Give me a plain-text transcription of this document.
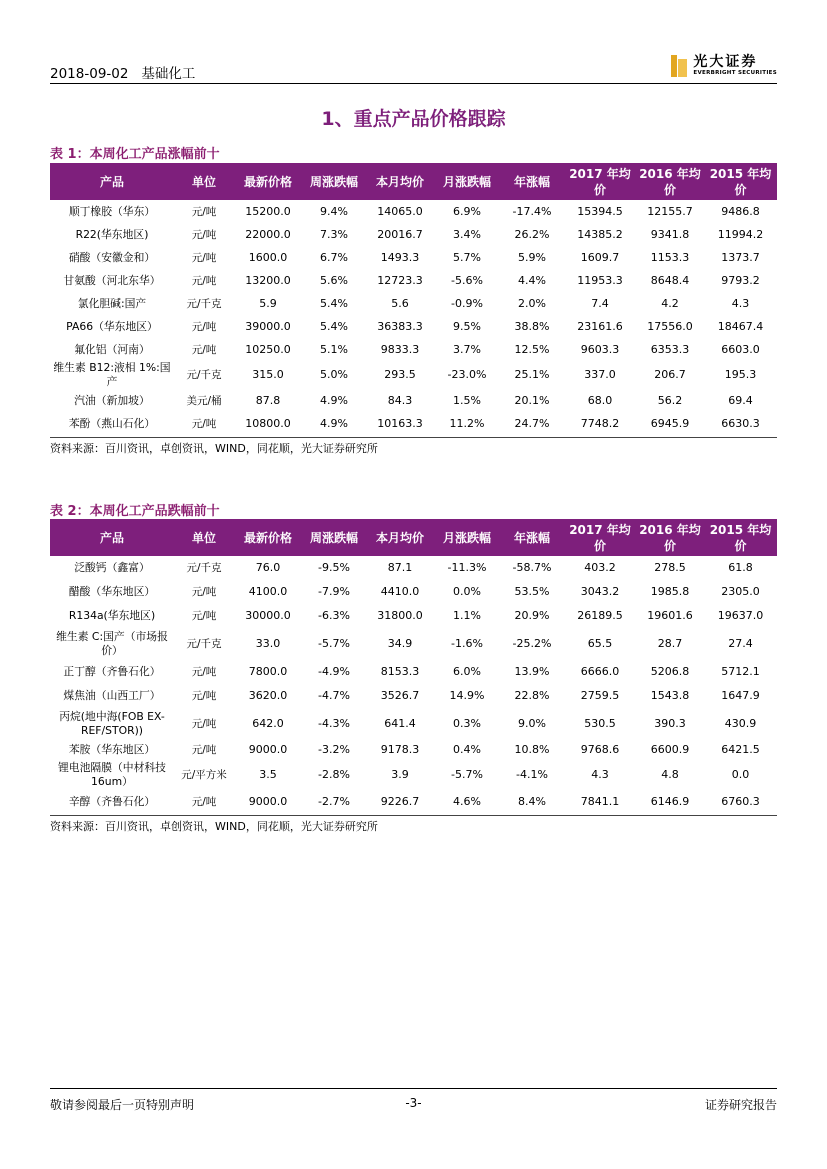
2018-09-02 基础化工
光大证券
EVERBRIGHT SECURITIES
1、重点产品价格跟踪
表 1：本周化工产品涨幅前十
产品	单位	最新价格	周涨跌幅	本月均价	月涨跌幅	年涨幅	2017 年均价	2016 年均价	2015 年均价
顺丁橡胶（华东）	元/吨	15200.0	9.4%	14065.0	6.9%	-17.4%	15394.5	12155.7	9486.8
R22(华东地区)	元/吨	22000.0	7.3%	20016.7	3.4%	26.2%	14385.2	9341.8	11994.2
硝酸（安徽金和）	元/吨	1600.0	6.7%	1493.3	5.7%	5.9%	1609.7	1153.3	1373.7
甘氨酸（河北东华）	元/吨	13200.0	5.6%	12723.3	-5.6%	4.4%	11953.3	8648.4	9793.2
氯化胆碱:国产	元/千克	5.9	5.4%	5.6	-0.9%	2.0%	7.4	4.2	4.3
PA66（华东地区）	元/吨	39000.0	5.4%	36383.3	9.5%	38.8%	23161.6	17556.0	18467.4
氟化铝（河南）	元/吨	10250.0	5.1%	9833.3	3.7%	12.5%	9603.3	6353.3	6603.0
维生素 B12:液相 1%:国产	元/千克	315.0	5.0%	293.5	-23.0%	25.1%	337.0	206.7	195.3
汽油（新加坡）	美元/桶	87.8	4.9%	84.3	1.5%	20.1%	68.0	56.2	69.4
苯酚（燕山石化）	元/吨	10800.0	4.9%	10163.3	11.2%	24.7%	7748.2	6945.9	6630.3
资料来源：百川资讯，卓创资讯，WIND，同花顺，光大证券研究所
表 2：本周化工产品跌幅前十
产品	单位	最新价格	周涨跌幅	本月均价	月涨跌幅	年涨幅	2017 年均价	2016 年均价	2015 年均价
泛酸钙（鑫富）	元/千克	76.0	-9.5%	87.1	-11.3%	-58.7%	403.2	278.5	61.8
醋酸（华东地区）	元/吨	4100.0	-7.9%	4410.0	0.0%	53.5%	3043.2	1985.8	2305.0
R134a(华东地区)	元/吨	30000.0	-6.3%	31800.0	1.1%	20.9%	26189.5	19601.6	19637.0
维生素 C:国产（市场报价）	元/千克	33.0	-5.7%	34.9	-1.6%	-25.2%	65.5	28.7	27.4
正丁醇（齐鲁石化）	元/吨	7800.0	-4.9%	8153.3	6.0%	13.9%	6666.0	5206.8	5712.1
煤焦油（山西工厂）	元/吨	3620.0	-4.7%	3526.7	14.9%	22.8%	2759.5	1543.8	1647.9
丙烷(地中海(FOB EX-REF/STOR))	元/吨	642.0	-4.3%	641.4	0.3%	9.0%	530.5	390.3	430.9
苯胺（华东地区）	元/吨	9000.0	-3.2%	9178.3	0.4%	10.8%	9768.6	6600.9	6421.5
锂电池隔膜（中材科技 16um）	元/平方米	3.5	-2.8%	3.9	-5.7%	-4.1%	4.3	4.8	0.0
辛醇（齐鲁石化）	元/吨	9000.0	-2.7%	9226.7	4.6%	8.4%	7841.1	6146.9	6760.3
资料来源：百川资讯，卓创资讯，WIND，同花顺，光大证券研究所
敬请参阅最后一页特别声明	-3-	证券研究报告
